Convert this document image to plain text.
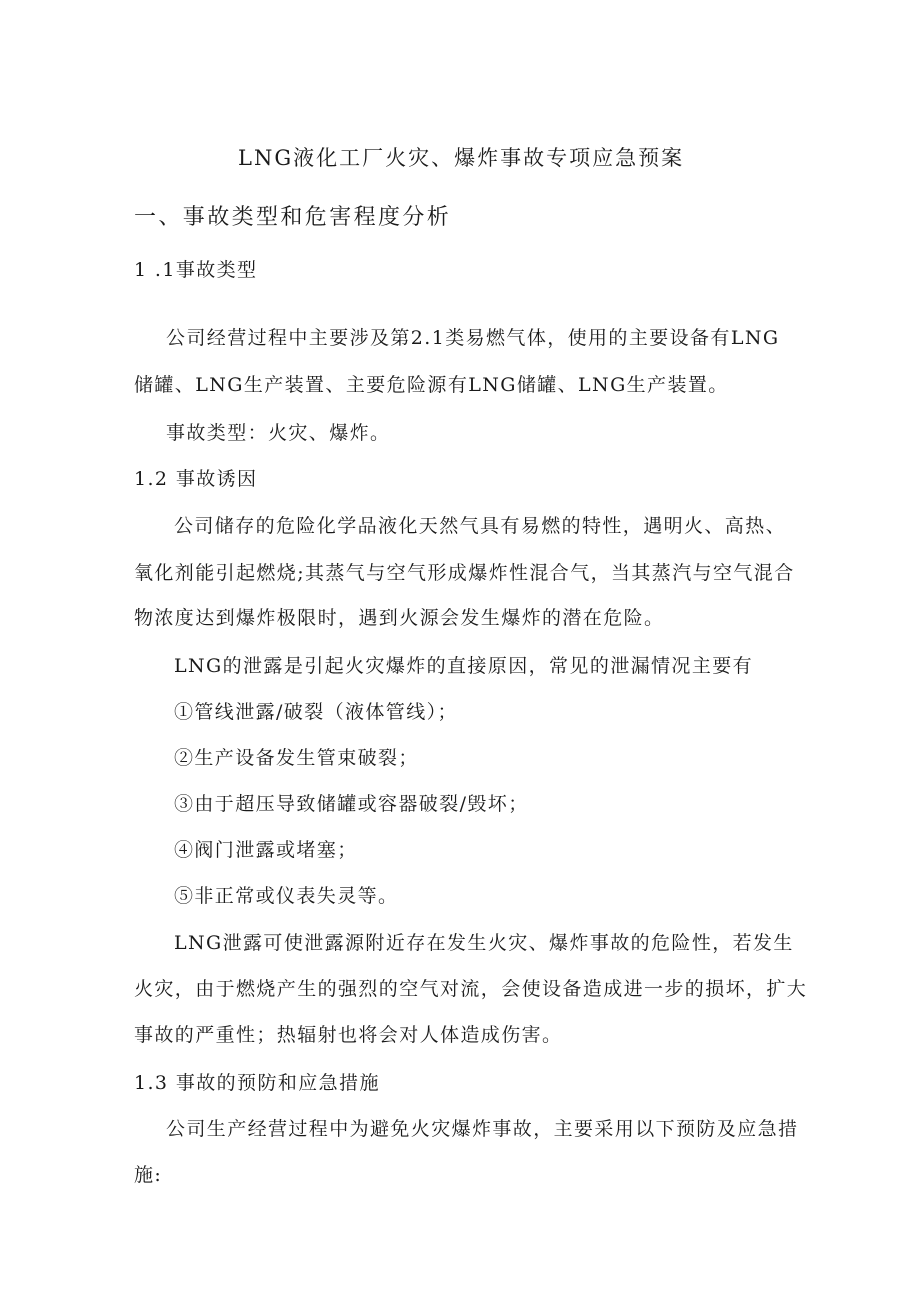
LNG液化工厂火灾、爆炸事故专项应急预案
一、事故类型和危害程度分析
1 .1事故类型
公司经营过程中主要涉及第2.1类易燃气体，使用的主要设备有LNG
储罐、LNG生产装置、主要危险源有LNG储罐、LNG生产装置。
事故类型：火灾、爆炸。
1.2 事故诱因
公司储存的危险化学品液化天然气具有易燃的特性，遇明火、高热、
氧化剂能引起燃烧;其蒸气与空气形成爆炸性混合气，当其蒸汽与空气混合
物浓度达到爆炸极限时，遇到火源会发生爆炸的潜在危险。
LNG的泄露是引起火灾爆炸的直接原因，常见的泄漏情况主要有
①管线泄露/破裂（液体管线）；
②生产设备发生管束破裂；
③由于超压导致储罐或容器破裂/毁坏；
④阀门泄露或堵塞；
⑤非正常或仪表失灵等。
LNG泄露可使泄露源附近存在发生火灾、爆炸事故的危险性，若发生
火灾，由于燃烧产生的强烈的空气对流，会使设备造成进一步的损坏，扩大
事故的严重性；热辐射也将会对人体造成伤害。
1.3 事故的预防和应急措施
公司生产经营过程中为避免火灾爆炸事故，主要采用以下预防及应急措
施:
